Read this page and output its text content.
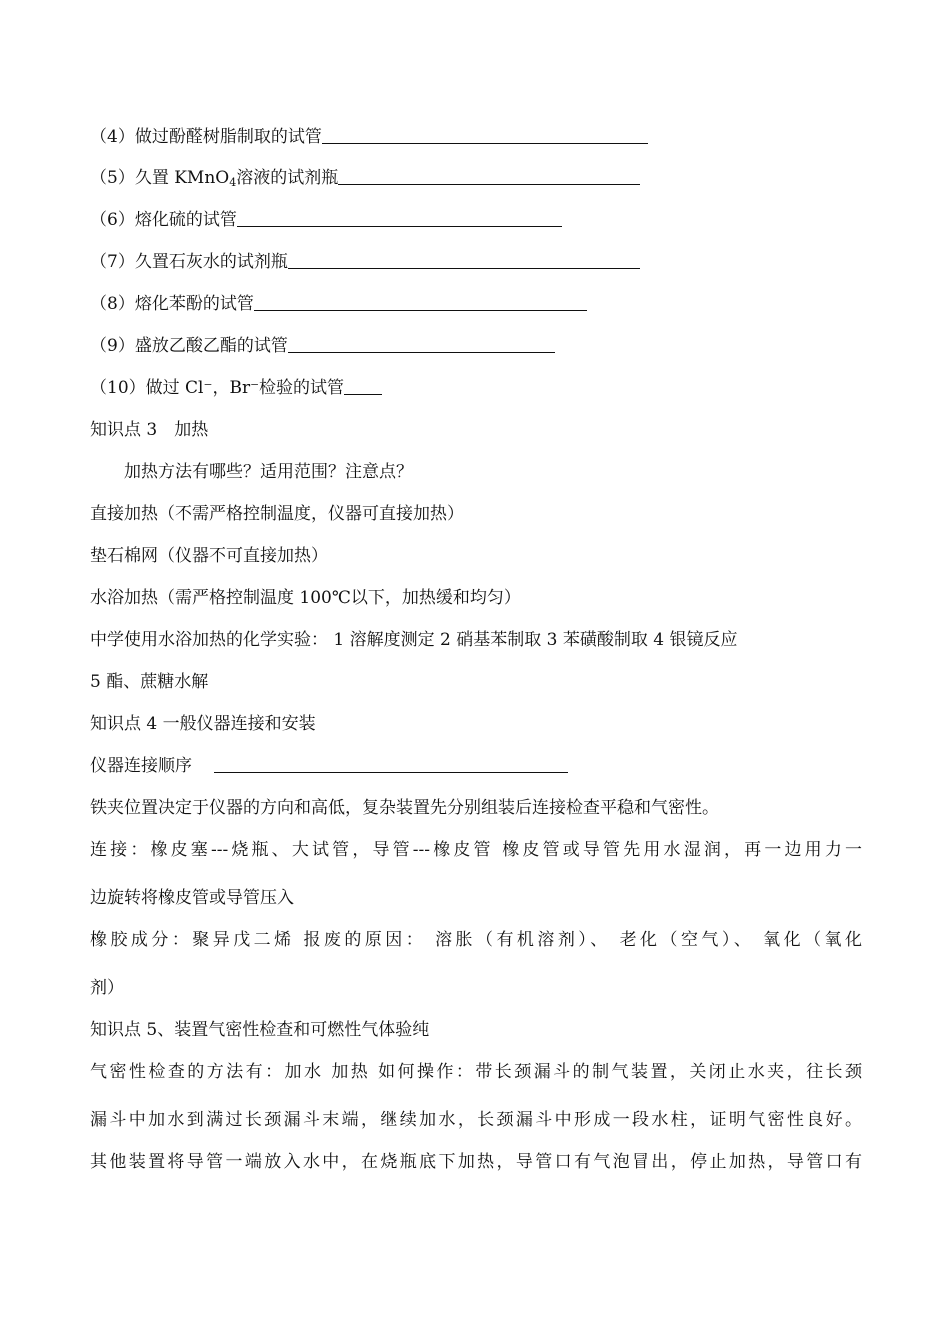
（4）做过酚醛树脂制取的试管
（5）久置 KMnO$_4$溶液的试剂瓶
（6）熔化硫的试管
（7）久置石灰水的试剂瓶
（8）熔化苯酚的试管
（9）盛放乙酸乙酯的试管
（10）做过 Cl⁻，Br⁻检验的试管
知识点 3　加热
加热方法有哪些？适用范围？注意点？
直接加热（不需严格控制温度，仪器可直接加热）
垫石棉网（仪器不可直接加热）
水浴加热（需严格控制温度 100℃以下，加热缓和均匀）
中学使用水浴加热的化学实验： 1 溶解度测定 2 硝基苯制取 3 苯磺酸制取 4 银镜反应
5 酯、蔗糖水解
知识点 4 一般仪器连接和安装
仪器连接顺序
铁夹位置决定于仪器的方向和高低，复杂装置先分别组装后连接检查平稳和气密性。
连接：橡皮塞---烧瓶、大试管，导管---橡皮管 橡皮管或导管先用水湿润，再一边用力一
边旋转将橡皮管或导管压入
橡胶成分：聚异戊二烯 报废的原因： 溶胀（有机溶剂）、 老化（空气）、 氧化（氧化
剂）
知识点 5、装置气密性检查和可燃性气体验纯
气密性检查的方法有：加水 加热 如何操作：带长颈漏斗的制气装置，关闭止水夹，往长颈
漏斗中加水到满过长颈漏斗末端，继续加水，长颈漏斗中形成一段水柱，证明气密性良好。
其他装置将导管一端放入水中，在烧瓶底下加热，导管口有气泡冒出，停止加热，导管口有
